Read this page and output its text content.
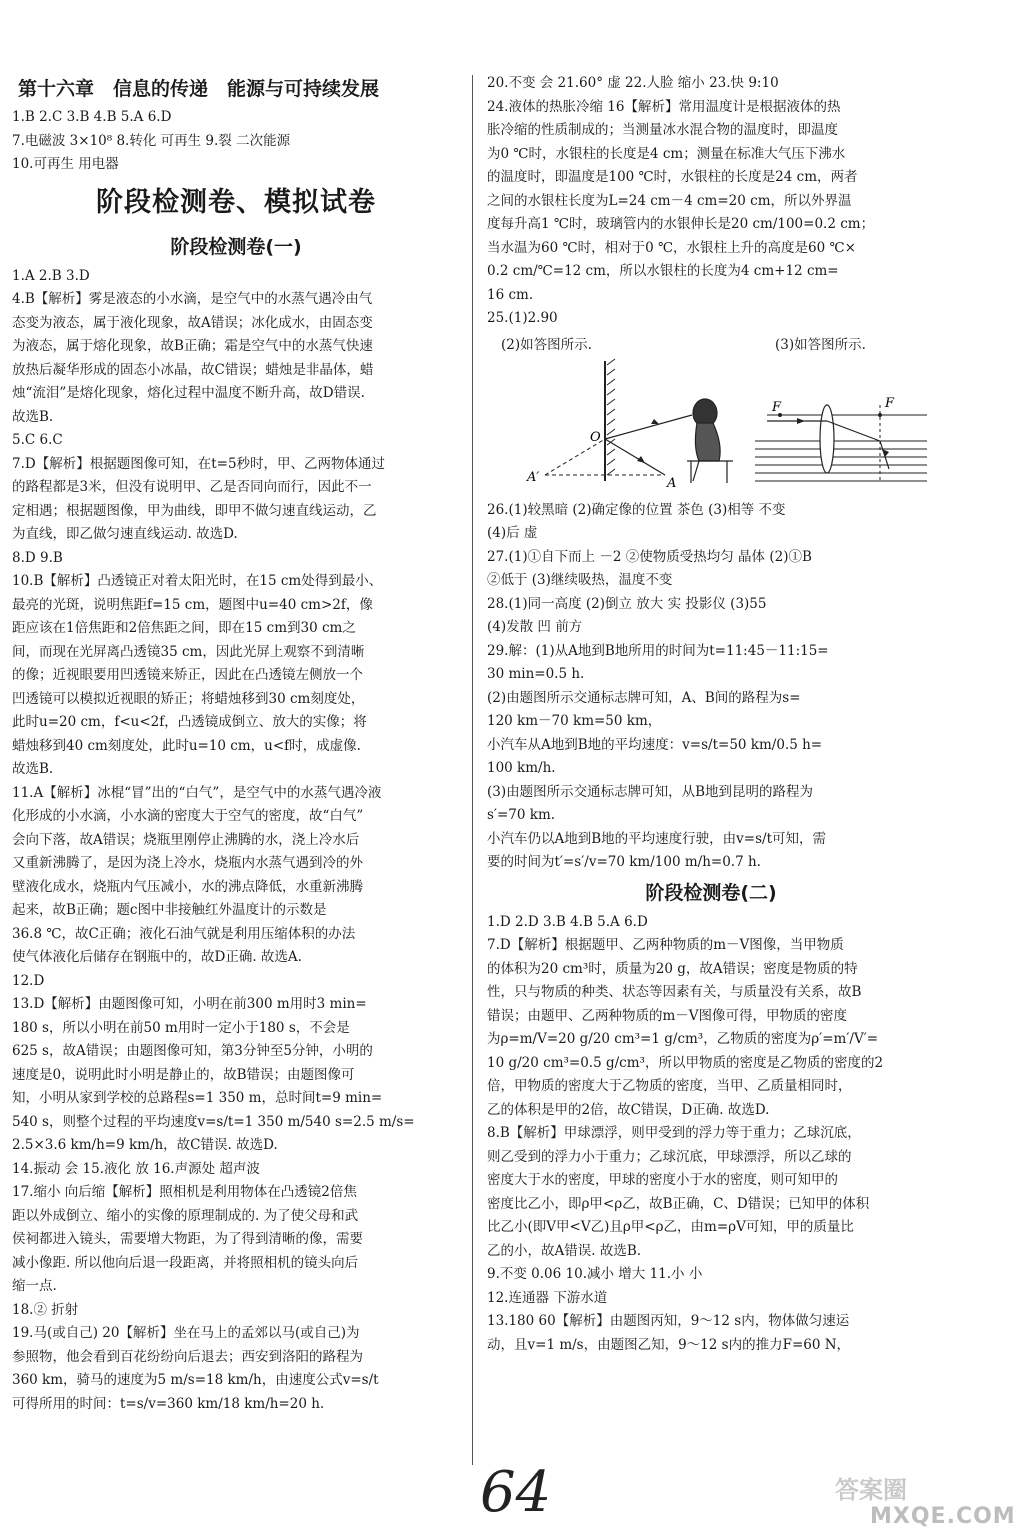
第十六章　信息的传递　能源与可持续发展
1.B 2.C 3.B 4.B 5.A 6.D
7.电磁波 3×10⁸ 8.转化 可再生 9.裂 二次能源
10.可再生 用电器
阶段检测卷、模拟试卷
阶段检测卷(一)
1.A 2.B 3.D
4.B【解析】雾是液态的小水滴，是空气中的水蒸气遇冷由气
态变为液态，属于液化现象，故A错误；冰化成水，由固态变
为液态，属于熔化现象，故B正确；霜是空气中的水蒸气快速
放热后凝华形成的固态小冰晶，故C错误；蜡烛是非晶体，蜡
烛“流泪”是熔化现象，熔化过程中温度不断升高，故D错误.
故选B.
5.C 6.C
7.D【解析】根据题图像可知，在t=5秒时，甲、乙两物体通过
的路程都是3米，但没有说明甲、乙是否同向而行，因此不一
定相遇；根据题图像，甲为曲线，即甲不做匀速直线运动，乙
为直线，即乙做匀速直线运动. 故选D.
8.D 9.B
10.B【解析】凸透镜正对着太阳光时，在15 cm处得到最小、
最亮的光斑，说明焦距f=15 cm，题图中u=40 cm>2f，像
距应该在1倍焦距和2倍焦距之间，即在15 cm到30 cm之
间，而现在光屏离凸透镜35 cm，因此光屏上观察不到清晰
的像；近视眼要用凹透镜来矫正，因此在凸透镜左侧放一个
凹透镜可以模拟近视眼的矫正；将蜡烛移到30 cm刻度处，
此时u=20 cm，f<u<2f，凸透镜成倒立、放大的实像；将
蜡烛移到40 cm刻度处，此时u=10 cm，u<f时，成虚像.
故选B.
11.A【解析】冰棍“冒”出的“白气”，是空气中的水蒸气遇冷液
化形成的小水滴，小水滴的密度大于空气的密度，故“白气”
会向下落，故A错误；烧瓶里刚停止沸腾的水，浇上冷水后
又重新沸腾了，是因为浇上冷水，烧瓶内水蒸气遇到冷的外
壁液化成水，烧瓶内气压减小，水的沸点降低，水重新沸腾
起来，故B正确；题c图中非接触红外温度计的示数是
36.8 ℃，故C正确；液化石油气就是利用压缩体积的办法
使气体液化后储存在钢瓶中的，故D正确. 故选A.
12.D
13.D【解析】由题图像可知，小明在前300 m用时3 min=
180 s，所以小明在前50 m用时一定小于180 s，不会是
625 s，故A错误；由题图像可知，第3分钟至5分钟，小明的
速度是0，说明此时小明是静止的，故B错误；由题图像可
知，小明从家到学校的总路程s=1 350 m，总时间t=9 min=
540 s，则整个过程的平均速度v=s/t=1 350 m/540 s=2.5 m/s=
2.5×3.6 km/h=9 km/h，故C错误. 故选D.
14.振动 会 15.液化 放 16.声源处 超声波
17.缩小 向后缩【解析】照相机是利用物体在凸透镜2倍焦
距以外成倒立、缩小的实像的原理制成的. 为了使父母和武
侯祠都进入镜头，需要增大物距，为了得到清晰的像，需要
减小像距. 所以他向后退一段距离，并将照相机的镜头向后
缩一点.
18.② 折射
19.马(或自己) 20【解析】坐在马上的孟郊以马(或自己)为
参照物，他会看到百花纷纷向后退去；西安到洛阳的路程为
360 km，骑马的速度为5 m/s=18 km/h，由速度公式v=s/t
可得所用的时间：t=s/v=360 km/18 km/h=20 h.
20.不变 会 21.60° 虚 22.人脸 缩小 23.快 9:10
24.液体的热胀冷缩 16【解析】常用温度计是根据液体的热
胀冷缩的性质制成的；当测量冰水混合物的温度时，即温度
为0 ℃时，水银柱的长度是4 cm；测量在标准大气压下沸水
的温度时，即温度是100 ℃时，水银柱的长度是24 cm，两者
之间的水银柱长度为L=24 cm－4 cm=20 cm，所以外界温
度每升高1 ℃时，玻璃管内的水银伸长是20 cm/100=0.2 cm；
当水温为60 ℃时，相对于0 ℃，水银柱上升的高度是60 ℃×
0.2 cm/℃=12 cm，所以水银柱的长度为4 cm+12 cm=
16 cm.
25.(1)2.90
(2)如答图所示.	(3)如答图所示.
O
A
A′
F	F
26.(1)较黑暗 (2)确定像的位置 茶色 (3)相等 不变
(4)后 虚
27.(1)①自下而上 －2 ②使物质受热均匀 晶体 (2)①B
②低于 (3)继续吸热，温度不变
28.(1)同一高度 (2)倒立 放大 实 投影仪 (3)55
(4)发散 凹 前方
29.解：(1)从A地到B地所用的时间为t=11:45－11:15=
30 min=0.5 h.
(2)由题图所示交通标志牌可知，A、B间的路程为s=
120 km－70 km=50 km，
小汽车从A地到B地的平均速度：v=s/t=50 km/0.5 h=
100 km/h.
(3)由题图所示交通标志牌可知，从B地到昆明的路程为
s′=70 km.
小汽车仍以A地到B地的平均速度行驶，由v=s/t可知，需
要的时间为t′=s′/v=70 km/100 m/h=0.7 h.
阶段检测卷(二)
1.D 2.D 3.B 4.B 5.A 6.D
7.D【解析】根据题甲、乙两种物质的m－V图像，当甲物质
的体积为20 cm³时，质量为20 g，故A错误；密度是物质的特
性，只与物质的种类、状态等因素有关，与质量没有关系，故B
错误；由题甲、乙两种物质的m－V图像可得，甲物质的密度
为ρ=m/V=20 g/20 cm³=1 g/cm³，乙物质的密度为ρ′=m′/V′=
10 g/20 cm³=0.5 g/cm³，所以甲物质的密度是乙物质的密度的2
倍，甲物质的密度大于乙物质的密度，当甲、乙质量相同时，
乙的体积是甲的2倍，故C错误，D正确. 故选D.
8.B【解析】甲球漂浮，则甲受到的浮力等于重力；乙球沉底，
则乙受到的浮力小于重力；乙球沉底，甲球漂浮，所以乙球的
密度大于水的密度，甲球的密度小于水的密度，则可知甲的
密度比乙小，即ρ甲<ρ乙，故B正确，C、D错误；已知甲的体积
比乙小(即V甲<V乙)且ρ甲<ρ乙，由m=ρV可知，甲的质量比
乙的小，故A错误. 故选B.
9.不变 0.06 10.减小 增大 11.小 小
12.连通器 下游水道
13.180 60【解析】由题图丙知，9～12 s内，物体做匀速运
动，且v=1 m/s，由题图乙知，9～12 s内的推力F=60 N，
64	答案圈
MXQE.COM
